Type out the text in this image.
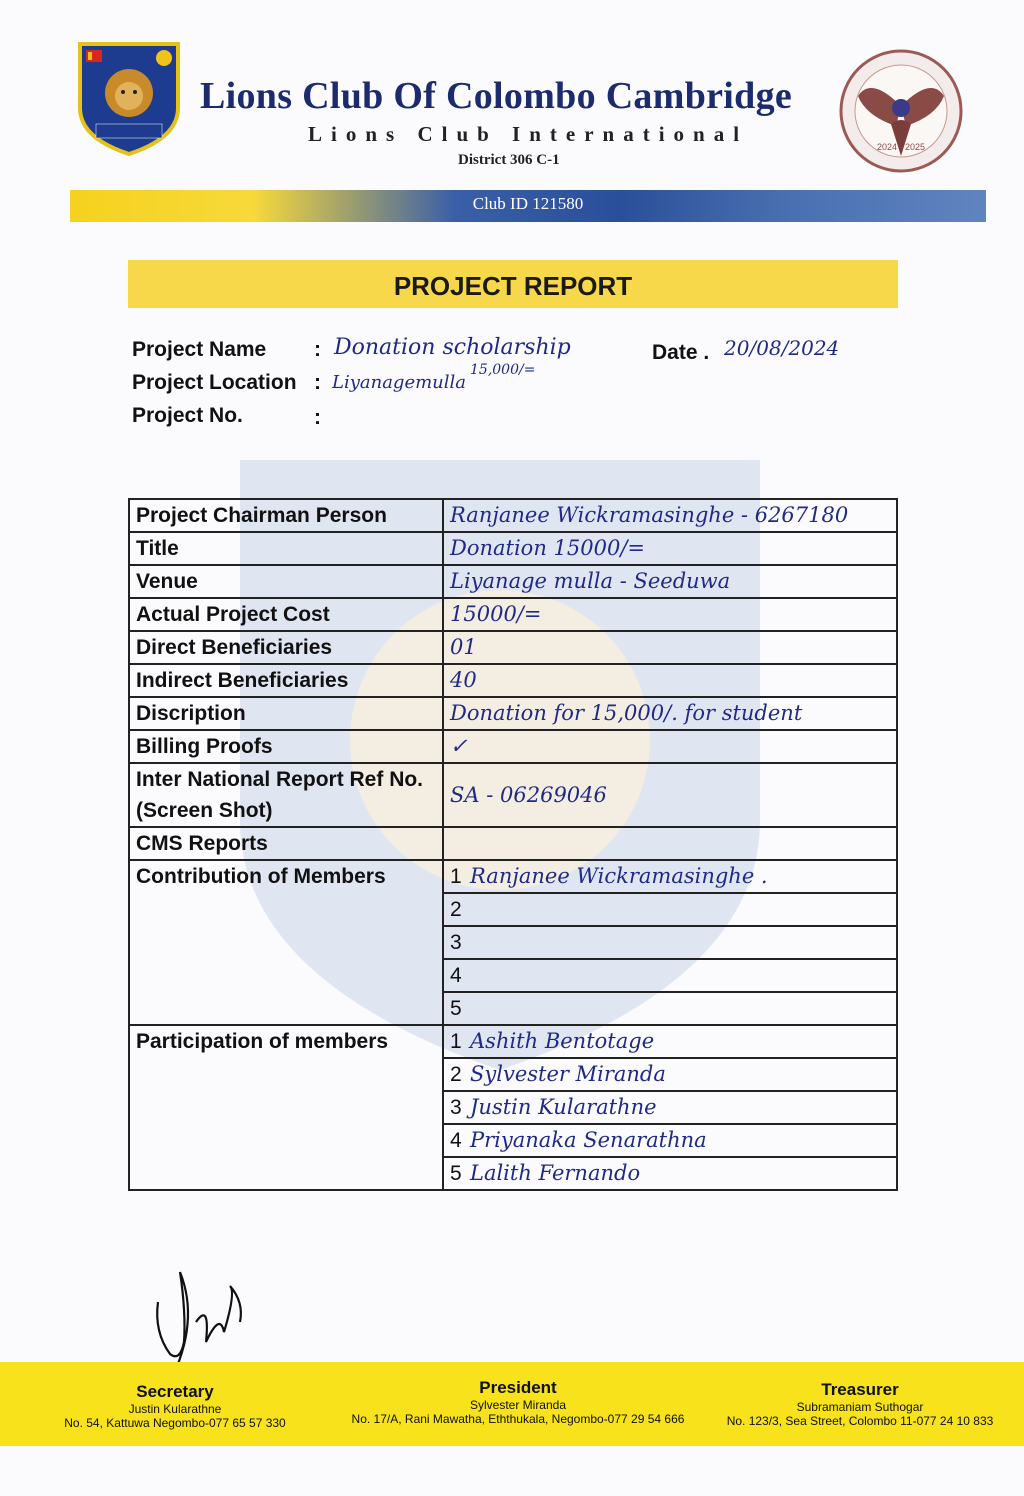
Lions Club Of Colombo Cambridge
Lions Club International
District 306 C-1
2024 - 2025
Club ID 121580
PROJECT REPORT
Project Name : Donation scholarship
15,000/=
Project Location : Liyanagemulla
Project No.	:
Date . 20/08/2024
Project Chairman Person	Ranjanee Wickramasinghe - 6267180
Title	Donation 15000/=
Venue	Liyanage mulla - Seeduwa
Actual Project Cost	15000/=
Direct Beneficiaries	01
Indirect Beneficiaries	40
Discription	Donation for 15,000/. for student
Billing Proofs	✓
Inter National Report Ref No. (Screen Shot)	SA - 06269046
CMS Reports	
Contribution of Members	1 Ranjanee Wickramasinghe .
	2
	3
	4
	5
Participation of members	1 Ashith Bentotage
	2 Sylvester Miranda
	3 Justin Kularathne
	4 Priyanaka Senarathna
	5 Lalith Fernando
Secretary
Justin Kularathne
No. 54, Kattuwa Negombo-077 65 57 330
President
Sylvester Miranda
No. 17/A, Rani Mawatha, Eththukala, Negombo-077 29 54 666
Treasurer
Subramaniam Suthogar
No. 123/3, Sea Street, Colombo 11-077 24 10 833
